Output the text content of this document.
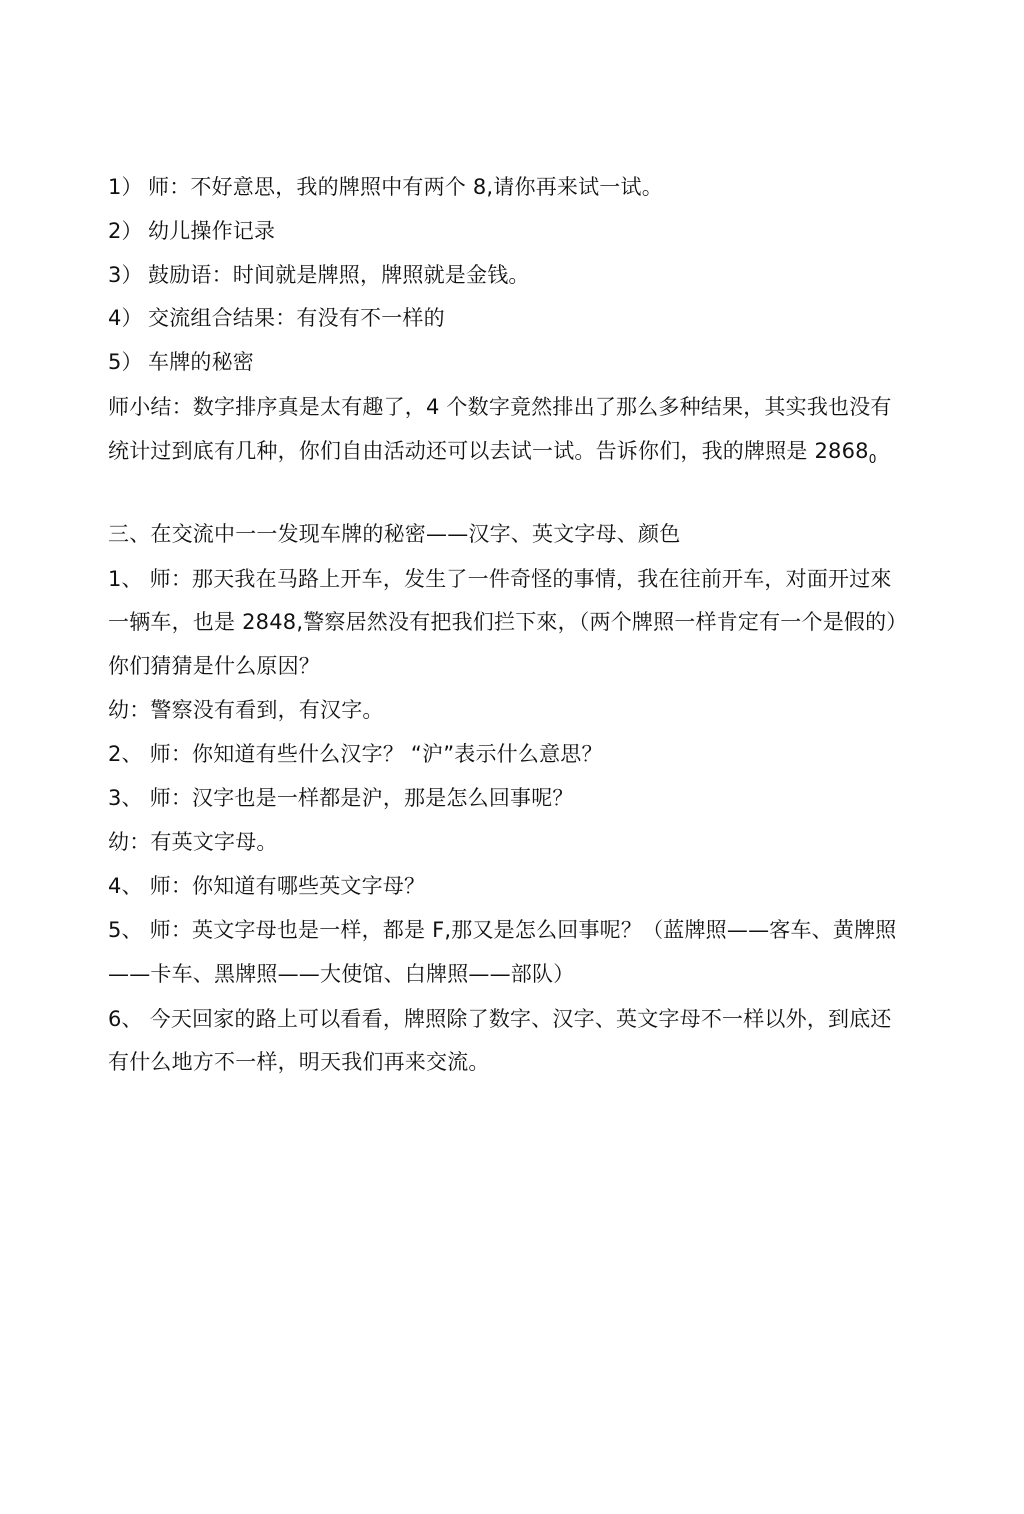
1） 师：不好意思，我的牌照中有两个 8,请你再来试一试。
2） 幼儿操作记录
3） 鼓励语：时间就是牌照，牌照就是金钱。
4） 交流组合结果：有没有不一样的
5） 车牌的秘密
师小结：数字排序真是太有趣了，4 个数字竟然排出了那么多种结果，其实我也没有
统计过到底有几种，你们自由活动还可以去试一试。告诉你们，我的牌照是 $2868_0$
三、在交流中一一发现车牌的秘密——汉字、英文字母、颜色
1、 师：那天我在马路上开车，发生了一件奇怪的事情，我在往前开车，对面开过來
一辆车，也是 2848,警察居然没有把我们拦下來，（两个牌照一样肯定有一个是假的）
你们猜猜是什么原因？
幼：警察没有看到，有汉字。
2、 师：你知道有些什么汉字？ “沪”表示什么意思？
3、 师：汉字也是一样都是沪，那是怎么回事呢？
幼：有英文字母。
4、 师：你知道有哪些英文字母？
5、 师：英文字母也是一样，都是 F,那又是怎么回事呢？（蓝牌照——客车、黄牌照
——卡车、黑牌照——大使馆、白牌照——部队）
6、 今天回家的路上可以看看，牌照除了数字、汉字、英文字母不一样以外，到底还
有什么地方不一样，明天我们再来交流。
